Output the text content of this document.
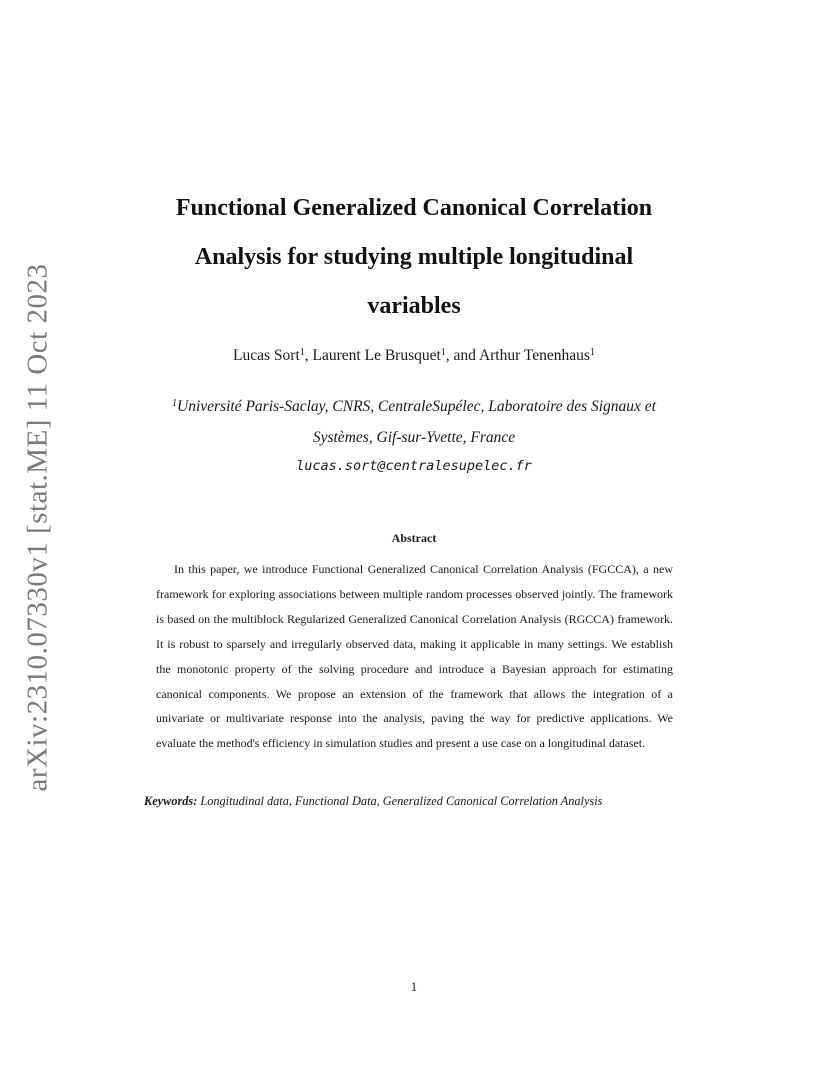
arXiv:2310.07330v1 [stat.ME] 11 Oct 2023
Functional Generalized Canonical Correlation
Analysis for studying multiple longitudinal
variables
Lucas Sort$^1$, Laurent Le Brusquet$^1$, and Arthur Tenenhaus$^1$
$^1$Université Paris-Saclay, CNRS, CentraleSupélec, Laboratoire des Signaux et
Systèmes, Gif-sur-Yvette, France
lucas.sort@centralesupelec.fr
Abstract

In this paper, we introduce Functional Generalized Canonical Correlation Analysis (FGCCA), a new framework for exploring associations between multiple random processes observed jointly. The framework is based on the multiblock Regularized Generalized Canonical Correlation Analysis (RGCCA) framework. It is robust to sparsely and irregularly observed data, making it applicable in many settings. We establish the monotonic property of the solving procedure and introduce a Bayesian approach for estimating canonical components. We propose an extension of the framework that allows the integration of a univariate or multivariate response into the analysis, paving the way for predictive applications. We evaluate the method's efficiency in simulation studies and present a use case on a longitudinal dataset.

Keywords: Longitudinal data, Functional Data, Generalized Canonical Correlation Analysis
1
